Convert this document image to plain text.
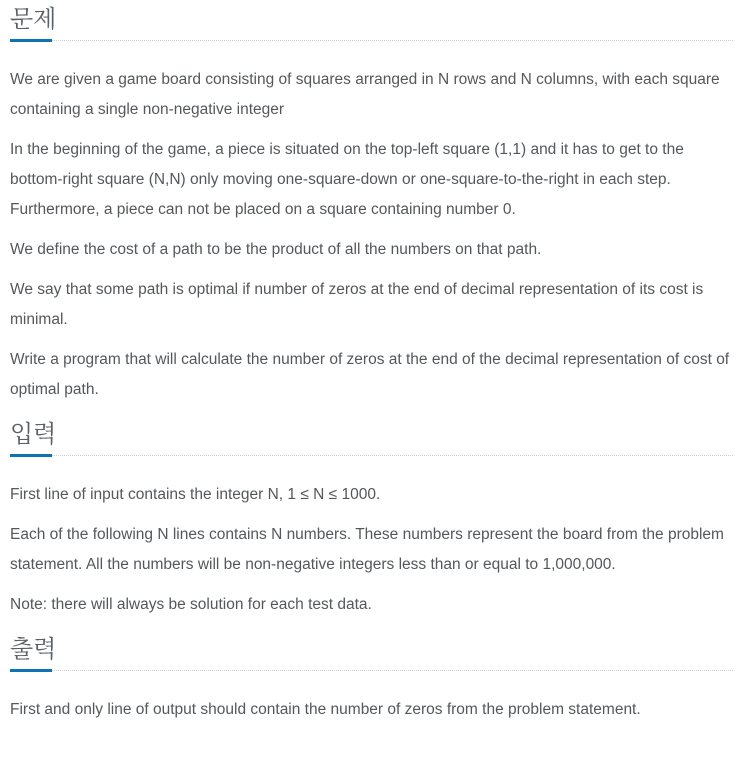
문제

We are given a game board consisting of squares arranged in N rows and N columns, with each square containing a single non-negative integer

In the beginning of the game, a piece is situated on the top-left square (1,1) and it has to get to the bottom-right square (N,N) only moving one-square-down or one-square-to-the-right in each step. Furthermore, a piece can not be placed on a square containing number 0.

We define the cost of a path to be the product of all the numbers on that path.

We say that some path is optimal if number of zeros at the end of decimal representation of its cost is minimal.

Write a program that will calculate the number of zeros at the end of the decimal representation of cost of optimal path.

입력

First line of input contains the integer N, 1 ≤ N ≤ 1000.

Each of the following N lines contains N numbers. These numbers represent the board from the problem statement. All the numbers will be non-negative integers less than or equal to 1,000,000.

Note: there will always be solution for each test data.

출력

First and only line of output should contain the number of zeros from the problem statement.
